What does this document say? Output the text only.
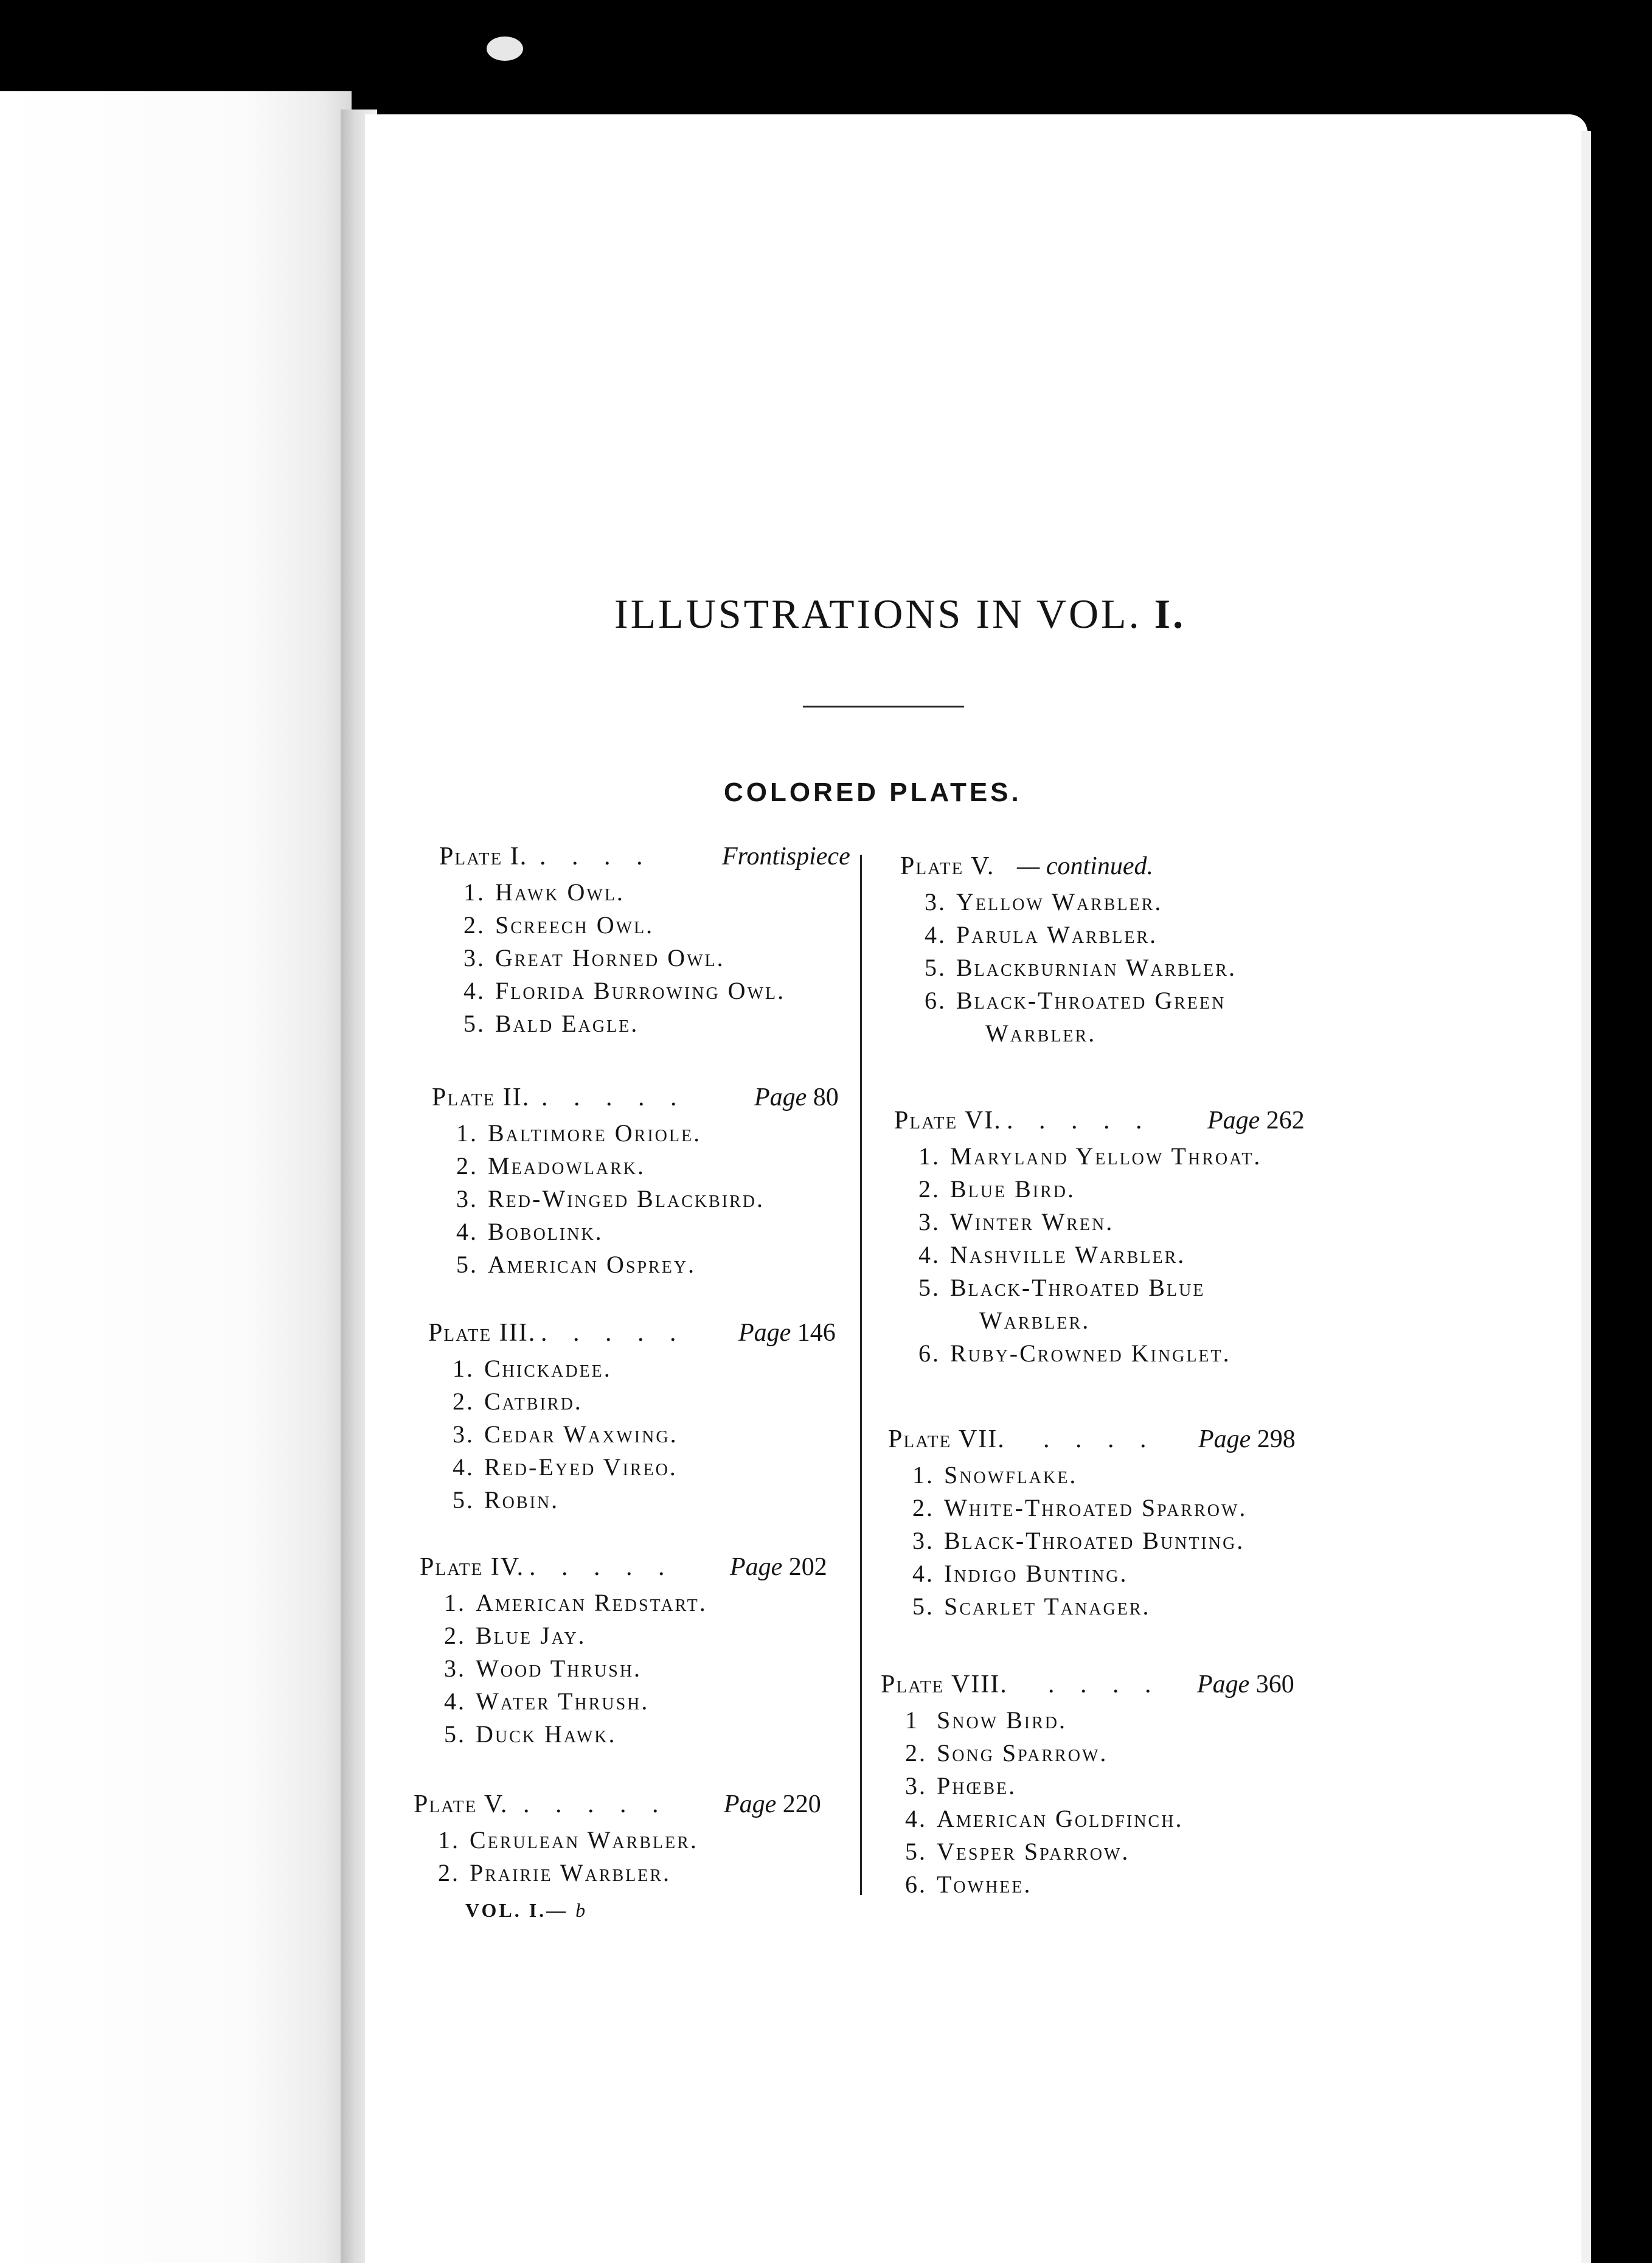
ILLUSTRATIONS IN VOL. I.
COLORED PLATES.
Plate I. . . . .	Frontispiece
1. Hawk Owl.
2. Screech Owl.
3. Great Horned Owl.
4. Florida Burrowing Owl.
5. Bald Eagle.
Plate II. . . . . .	Page 80
1. Baltimore Oriole.
2. Meadowlark.
3. Red-Winged Blackbird.
4. Bobolink.
5. American Osprey.
Plate III. . . . . . Page 146
1. Chickadee.
2. Catbird.
3. Cedar Waxwing.
4. Red-Eyed Vireo.
5. Robin.
Plate IV. . . . . . Page 202
1. American Redstart.
2. Blue Jay.
3. Wood Thrush.
4. Water Thrush.
5. Duck Hawk.
Plate V. . . . . . Page 220
1. Cerulean Warbler.
2. Prairie Warbler.
Plate V. — continued.
3. Yellow Warbler.
4. Parula Warbler.
5. Blackburnian Warbler.
6. Black-Throated Green
Warbler.
Plate VI. . . . . . Page 262
1. Maryland Yellow Throat.
2. Blue Bird.
3. Winter Wren.
4. Nashville Warbler.
5. Black-Throated Blue
Warbler.
6. Ruby-Crowned Kinglet.
Plate VII. . . . . Page 298
1. Snowflake.
2. White-Throated Sparrow.
3. Black-Throated Bunting.
4. Indigo Bunting.
5. Scarlet Tanager.
Plate VIII. . . . . Page 360
1 Snow Bird.
2. Song Sparrow.
3. Phœbe.
4. American Goldfinch.
5. Vesper Sparrow.
6. Towhee.
VOL. I.— b
